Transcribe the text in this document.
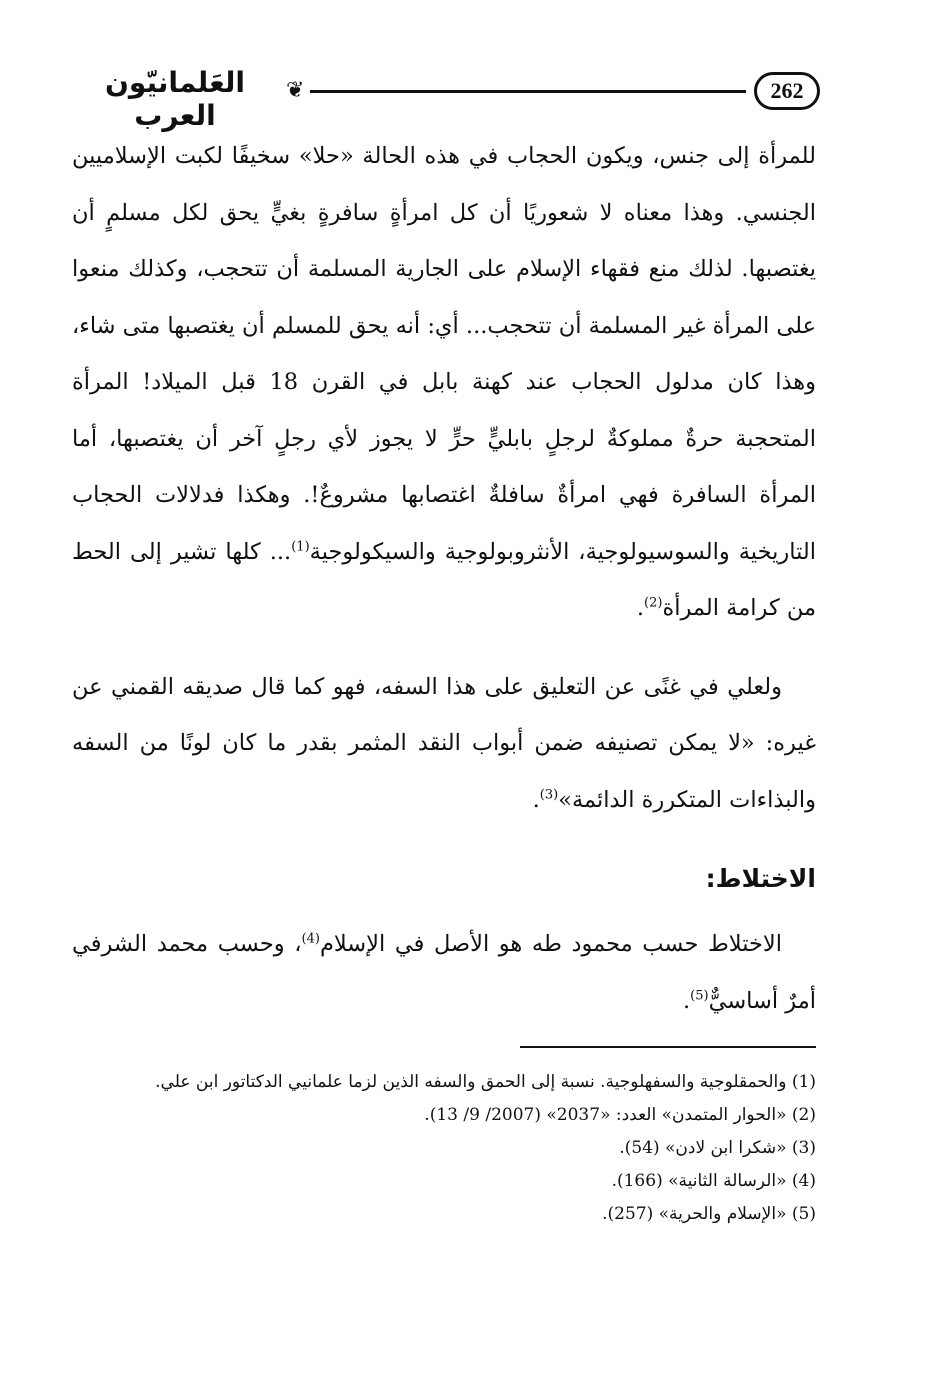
العَلمانيّون العرب
❦	262

للمرأة إلى جنس، ويكون الحجاب في هذه الحالة «حلا» سخيفًا لكبت الإسلاميين الجنسي. وهذا معناه لا شعوريًا أن كل امرأةٍ سافرةٍ بغيٍّ يحق لكل مسلمٍ أن يغتصبها. لذلك منع فقهاء الإسلام على الجارية المسلمة أن تتحجب، وكذلك منعوا على المرأة غير المسلمة أن تتحجب... أي: أنه يحق للمسلم أن يغتصبها متى شاء، وهذا كان مدلول الحجاب عند كهنة بابل في القرن 18 قبل الميلاد! المرأة المتحجبة حرةٌ مملوكةٌ لرجلٍ بابليٍّ حرٍّ لا يجوز لأي رجلٍ آخر أن يغتصبها، أما المرأة السافرة فهي امرأةٌ سافلةٌ اغتصابها مشروعٌ!. وهكذا فدلالات الحجاب التاريخية والسوسيولوجية، الأنثروبولوجية والسيكولوجية$^{(1)}$... كلها تشير إلى الحط من كرامة المرأة$^{(2)}$.

ولعلي في غنًى عن التعليق على هذا السفه، فهو كما قال صديقه القمني عن غيره: «لا يمكن تصنيفه ضمن أبواب النقد المثمر بقدر ما كان لونًا من السفه والبذاءات المتكررة الدائمة»$^{(3)}$.

الاختلاط:

الاختلاط حسب محمود طه هو الأصل في الإسلام$^{(4)}$، وحسب محمد الشرفي أمرٌ أساسيٌّ$^{(5)}$.

(1) والحمقلوجية والسفهلوجية. نسبة إلى الحمق والسفه الذين لزما علمانيي الدكتاتور ابن علي.
(2) «الحوار المتمدن» العدد: «2037» (2007/ 9/ 13).
(3) «شكرا ابن لادن» (54).
(4) «الرسالة الثانية» (166).
(5) «الإسلام والحرية» (257).
